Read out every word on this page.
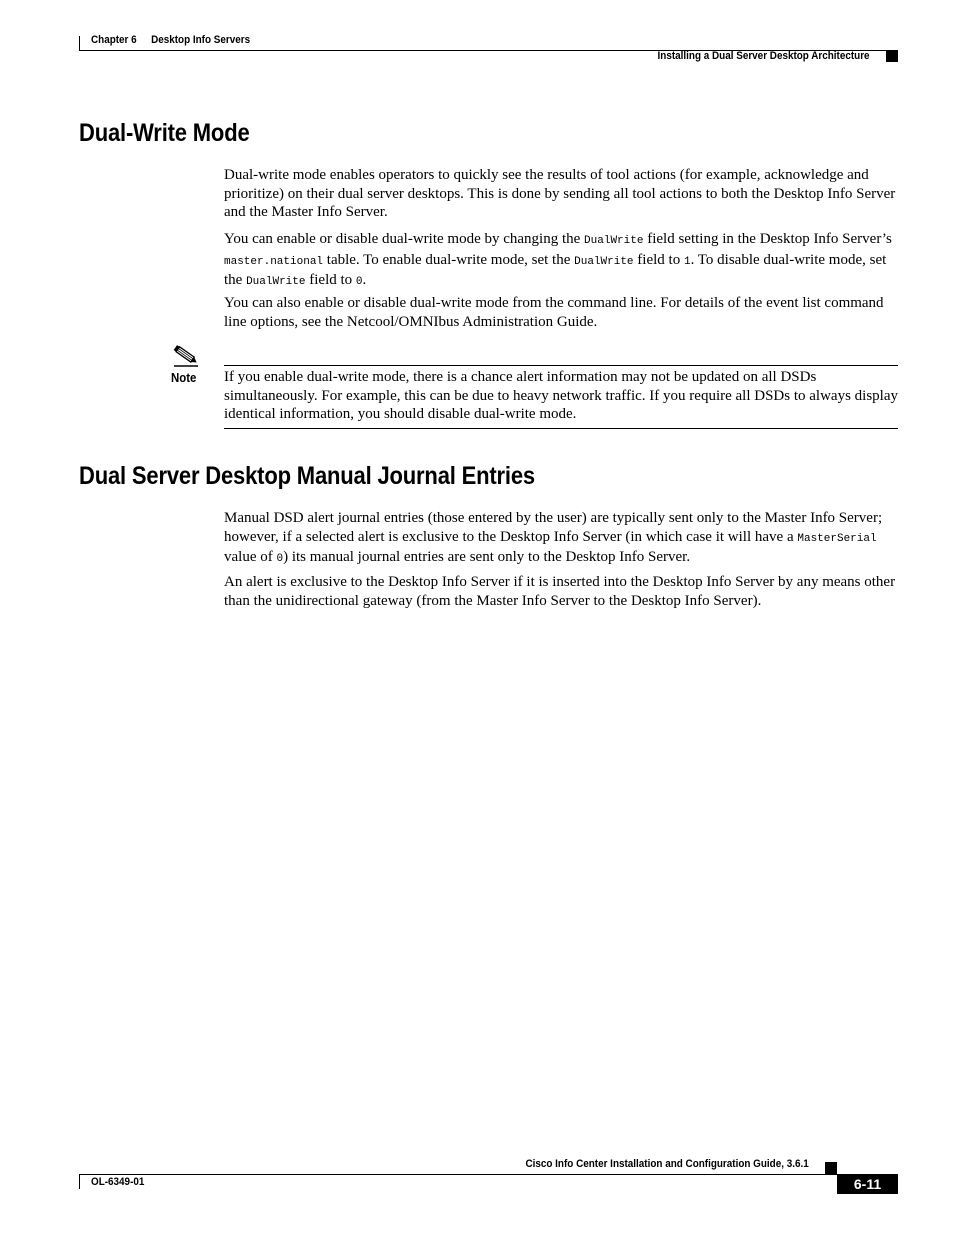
Chapter 6 Desktop Info Servers
Installing a Dual Server Desktop Architecture
Dual-Write Mode

Dual-write mode enables operators to quickly see the results of tool actions (for example, acknowledge and prioritize) on their dual server desktops. This is done by sending all tool actions to both the Desktop Info Server and the Master Info Server.

You can enable or disable dual-write mode by changing the DualWrite field setting in the Desktop Info Server’s master.national table. To enable dual-write mode, set the DualWrite field to 1. To disable dual-write mode, set the DualWrite field to 0.

You can also enable or disable dual-write mode from the command line. For details of the event list command line options, see the Netcool/OMNIbus Administration Guide.

Note If you enable dual-write mode, there is a chance alert information may not be updated on all DSDs simultaneously. For example, this can be due to heavy network traffic. If you require all DSDs to always display identical information, you should disable dual-write mode.

Dual Server Desktop Manual Journal Entries

Manual DSD alert journal entries (those entered by the user) are typically sent only to the Master Info Server; however, if a selected alert is exclusive to the Desktop Info Server (in which case it will have a MasterSerial value of 0) its manual journal entries are sent only to the Desktop Info Server.

An alert is exclusive to the Desktop Info Server if it is inserted into the Desktop Info Server by any means other than the unidirectional gateway (from the Master Info Server to the Desktop Info Server).

Cisco Info Center Installation and Configuration Guide, 3.6.1
OL-6349-01	6-11
